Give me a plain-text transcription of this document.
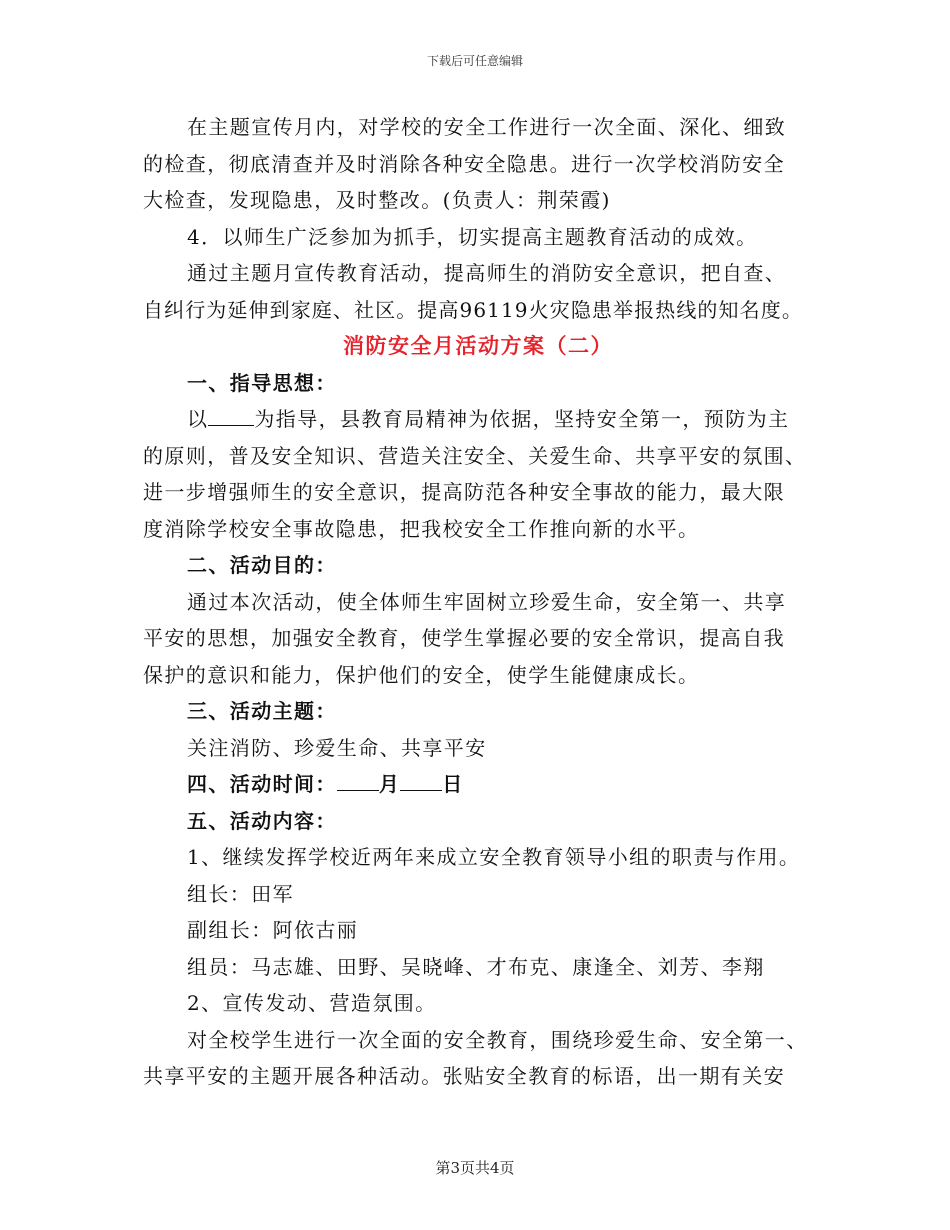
下载后可任意编辑
在主题宣传月内，对学校的安全工作进行一次全面、深化、细致
的检查，彻底清查并及时消除各种安全隐患。进行一次学校消防安全
大检查，发现隐患，及时整改。(负责人：荆荣霞)
4．以师生广泛参加为抓手，切实提高主题教育活动的成效。
通过主题月宣传教育活动，提高师生的消防安全意识，把自查、
自纠行为延伸到家庭、社区。提高96119火灾隐患举报热线的知名度。
消防安全月活动方案（二）
一、指导思想：
以 为指导，县教育局精神为依据，坚持安全第一，预防为主
的原则，普及安全知识、营造关注安全、关爱生命、共享平安的氛围、
进一步增强师生的安全意识，提高防范各种安全事故的能力，最大限
度消除学校安全事故隐患，把我校安全工作推向新的水平。
二、活动目的：
通过本次活动，使全体师生牢固树立珍爱生命，安全第一、共享
平安的思想，加强安全教育，使学生掌握必要的安全常识，提高自我
保护的意识和能力，保护他们的安全，使学生能健康成长。
三、活动主题：
关注消防、珍爱生命、共享平安
四、活动时间： 月 日
五、活动内容：
1、继续发挥学校近两年来成立安全教育领导小组的职责与作用。
组长：田军
副组长：阿依古丽
组员：马志雄、田野、吴晓峰、才布克、康逢全、刘芳、李翔
2、宣传发动、营造氛围。
对全校学生进行一次全面的安全教育，围绕珍爱生命、安全第一、
共享平安的主题开展各种活动。张贴安全教育的标语，出一期有关安
第3页共4页
